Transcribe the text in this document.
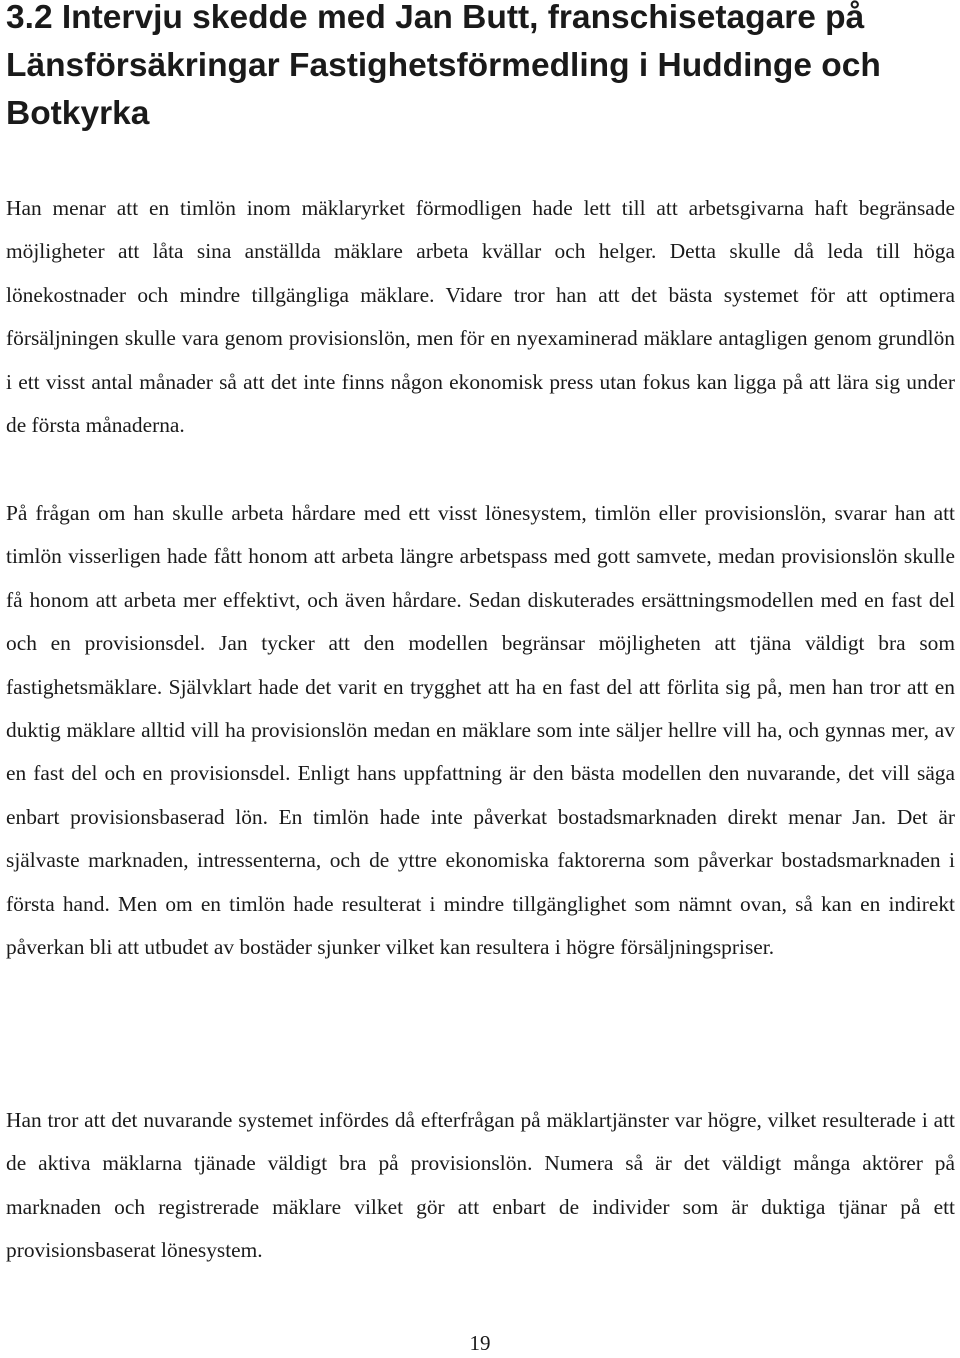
3.2 Intervju skedde med Jan Butt, franschisetagare på Länsförsäkringar Fastighetsförmedling i Huddinge och Botkyrka

Han menar att en timlön inom mäklaryrket förmodligen hade lett till att arbetsgivarna haft begränsade möjligheter att låta sina anställda mäklare arbeta kvällar och helger. Detta skulle då leda till höga lönekostnader och mindre tillgängliga mäklare. Vidare tror han att det bästa systemet för att optimera försäljningen skulle vara genom provisionslön, men för en nyexaminerad mäklare antagligen genom grundlön i ett visst antal månader så att det inte finns någon ekonomisk press utan fokus kan ligga på att lära sig under de första månaderna.

På frågan om han skulle arbeta hårdare med ett visst lönesystem, timlön eller provisionslön, svarar han att timlön visserligen hade fått honom att arbeta längre arbetspass med gott samvete, medan provisionslön skulle få honom att arbeta mer effektivt, och även hårdare. Sedan diskuterades ersättningsmodellen med en fast del och en provisionsdel. Jan tycker att den modellen begränsar möjligheten att tjäna väldigt bra som fastighetsmäklare. Självklart hade det varit en trygghet att ha en fast del att förlita sig på, men han tror att en duktig mäklare alltid vill ha provisionslön medan en mäklare som inte säljer hellre vill ha, och gynnas mer, av en fast del och en provisionsdel. Enligt hans uppfattning är den bästa modellen den nuvarande, det vill säga enbart provisionsbaserad lön. En timlön hade inte påverkat bostadsmarknaden direkt menar Jan. Det är självaste marknaden, intressenterna, och de yttre ekonomiska faktorerna som påverkar bostadsmarknaden i första hand. Men om en timlön hade resulterat i mindre tillgänglighet som nämnt ovan, så kan en indirekt påverkan bli att utbudet av bostäder sjunker vilket kan resultera i högre försäljningspriser.

Han tror att det nuvarande systemet infördes då efterfrågan på mäklartjänster var högre, vilket resulterade i att de aktiva mäklarna tjänade väldigt bra på provisionslön. Numera så är det väldigt många aktörer på marknaden och registrerade mäklare vilket gör att enbart de individer som är duktiga tjänar på ett provisionsbaserat lönesystem.

19
